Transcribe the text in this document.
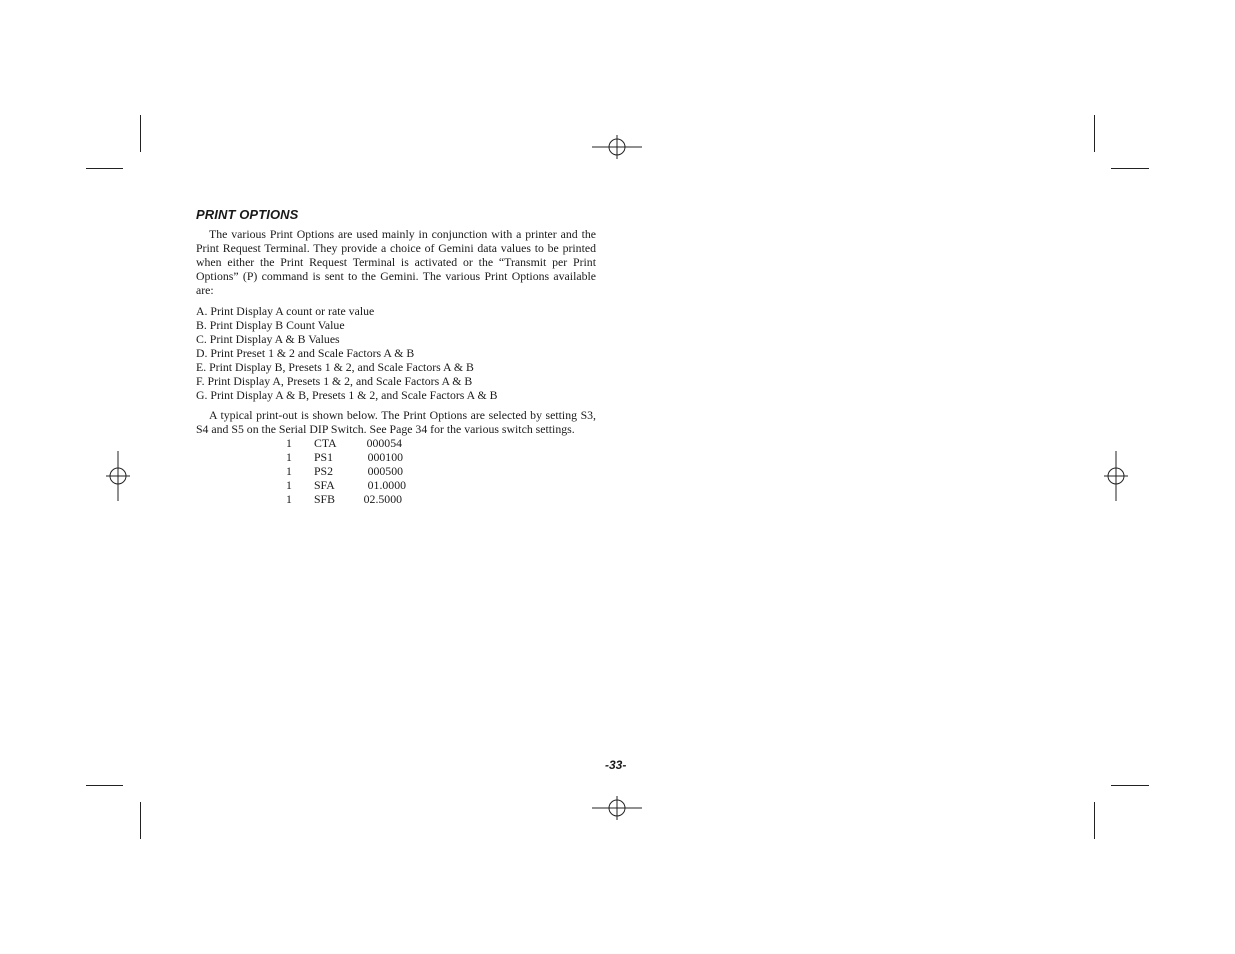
PRINT OPTIONS

The various Print Options are used mainly in conjunction with a printer and the Print Request Terminal. They provide a choice of Gemini data values to be printed when either the Print Request Terminal is activated or the “Transmit per Print Options” (P) command is sent to the Gemini. The various Print Options available are:

A. Print Display A count or rate value
B. Print Display B Count Value
C. Print Display A & B Values
D. Print Preset 1 & 2 and Scale Factors A & B
E. Print Display B, Presets 1 & 2, and Scale Factors A & B
F. Print Display A, Presets 1 & 2, and Scale Factors A & B
G. Print Display A & B, Presets 1 & 2, and Scale Factors A & B

A typical print-out is shown below. The Print Options are selected by setting S3, S4 and S5 on the Serial DIP Switch. See Page 34 for the various switch settings.

1 CTA	000054
1 PS1	000100
1 PS2	000500
1 SFA	01.0000
1 SFB 02.5000
-33-
